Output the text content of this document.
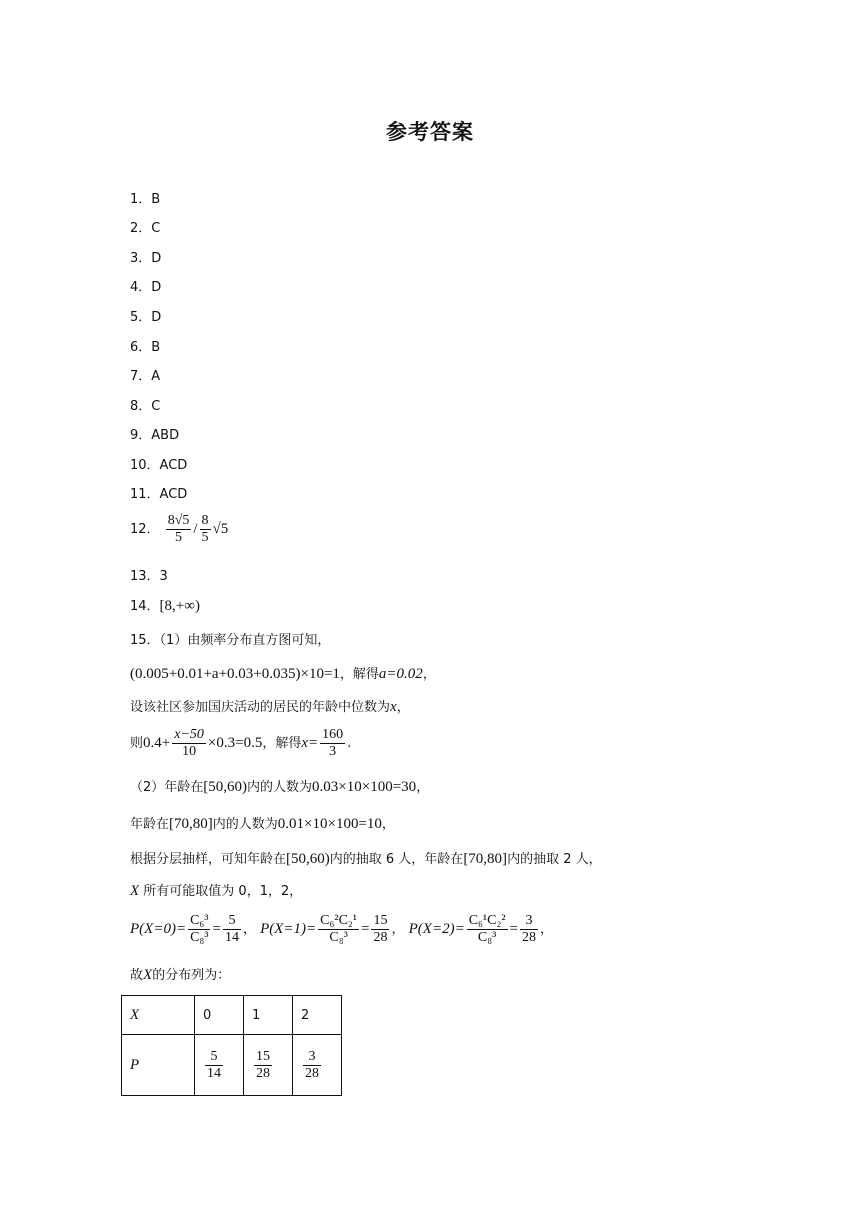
参考答案
1．B
2．C
3．D
4．D
5．D
6．B
7．A
8．C
9．ABD
10．ACD
11．ACD
12． $\frac{8√5}{5} / \frac{8}{5} √5$
13．3
14．[8,+∞)
15．（1）由频率分布直方图可知，
(0.005+0.01+a+0.03+0.035)×10=1，解得a=0.02，
设该社区参加国庆活动的居民的年龄中位数为x，
则$0.4+ \frac{x-50}{10} \times 0.3=0.5$，解得$x= \frac{160}{3}$ .
（2）年龄在[50,60)内的人数为0.03×10×100=30，
年龄在[70,80]内的人数为0.01×10×100=10，
根据分层抽样，可知年龄在[50,60)内的抽取 6 人，年龄在[70,80]内的抽取 2 人，
X 所有可能取值为 0，1，2，
$P(X=0)= \frac{\text{C₆³}}{\text{C₈³}} = \frac{5}{14}$ ， $P(X=1)= \frac{\text{C₆²C₂¹}}{\text{C₈³}} = \frac{15}{28}$ ， $P(X=2)= \frac{\text{C₆¹C₂²}}{\text{C₈³}} = \frac{3}{28}$ ，
故X的分布列为：
X	0	1	2
P	$\frac{5}{14}$	$\frac{15}{28}$	$\frac{3}{28}$
